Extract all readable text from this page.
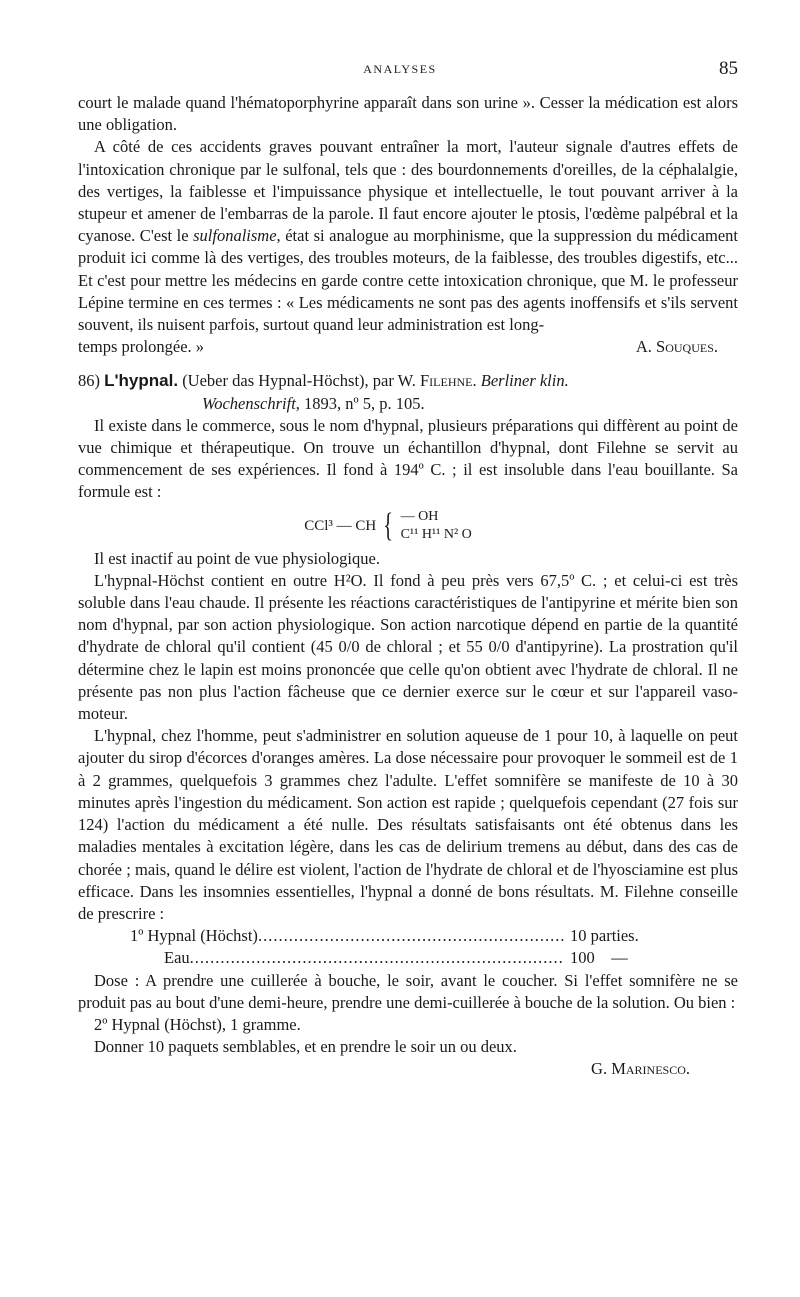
ANALYSES	85

court le malade quand l'hématoporphyrine apparaît dans son urine ». Cesser la médication est alors une obligation.

A côté de ces accidents graves pouvant entraîner la mort, l'auteur signale d'autres effets de l'intoxication chronique par le sulfonal, tels que : des bourdonnements d'oreilles, de la céphalalgie, des vertiges, la faiblesse et l'impuissance physique et intellectuelle, le tout pouvant arriver à la stupeur et amener de l'embarras de la parole. Il faut encore ajouter le ptosis, l'œdème palpébral et la cyanose. C'est le sulfonalisme, état si analogue au morphinisme, que la suppression du médicament produit ici comme là des vertiges, des troubles moteurs, de la faiblesse, des troubles digestifs, etc... Et c'est pour mettre les médecins en garde contre cette intoxication chronique, que M. le professeur Lépine termine en ces termes : « Les médicaments ne sont pas des agents inoffensifs et s'ils servent souvent, ils nuisent parfois, surtout quand leur administration est long-

temps prolongée. »	A. Souques.
86) L'hypnal. (Ueber das Hypnal-Höchst), par W. Filehne. Berliner klin.
Wochenschrift, 1893, nº 5, p. 105.

Il existe dans le commerce, sous le nom d'hypnal, plusieurs préparations qui diffèrent au point de vue chimique et thérapeutique. On trouve un échantillon d'hypnal, dont Filehne se servit au commencement de ses expériences. Il fond à 194º C. ; il est insoluble dans l'eau bouillante. Sa formule est :

CCl³ — CH { — OH
C¹¹ H¹¹ N² O

Il est inactif au point de vue physiologique.

L'hypnal-Höchst contient en outre H²O. Il fond à peu près vers 67,5º C. ; et celui-ci est très soluble dans l'eau chaude. Il présente les réactions caractéristiques de l'antipyrine et mérite bien son nom d'hypnal, par son action physiologique. Son action narcotique dépend en partie de la quantité d'hydrate de chloral qu'il contient (45 0/0 de chloral ; et 55 0/0 d'antipyrine). La prostration qu'il détermine chez le lapin est moins prononcée que celle qu'on obtient avec l'hydrate de chloral. Il ne présente pas non plus l'action fâcheuse que ce dernier exerce sur le cœur et sur l'appareil vaso-moteur.

L'hypnal, chez l'homme, peut s'administrer en solution aqueuse de 1 pour 10, à laquelle on peut ajouter du sirop d'écorces d'oranges amères. La dose nécessaire pour provoquer le sommeil est de 1 à 2 grammes, quelquefois 3 grammes chez l'adulte. L'effet somnifère se manifeste de 10 à 30 minutes après l'ingestion du médicament. Son action est rapide ; quelquefois cependant (27 fois sur 124) l'action du médicament a été nulle. Des résultats satisfaisants ont été obtenus dans les maladies mentales à excitation légère, dans les cas de delirium tremens au début, dans des cas de chorée ; mais, quand le délire est violent, l'action de l'hydrate de chloral et de l'hyosciamine est plus efficace. Dans les insomnies essentielles, l'hypnal a donné de bons résultats. M. Filehne conseille de prescrire :

1º Hypnal (Höchst) .....	10 parties.
Eau .....	100    —

Dose : A prendre une cuillerée à bouche, le soir, avant le coucher. Si l'effet somnifère ne se produit pas au bout d'une demi-heure, prendre une demi-cuillerée à bouche de la solution. Ou bien :

2º Hypnal (Höchst), 1 gramme.

Donner 10 paquets semblables, et en prendre le soir un ou deux.

G. Marinesco.
